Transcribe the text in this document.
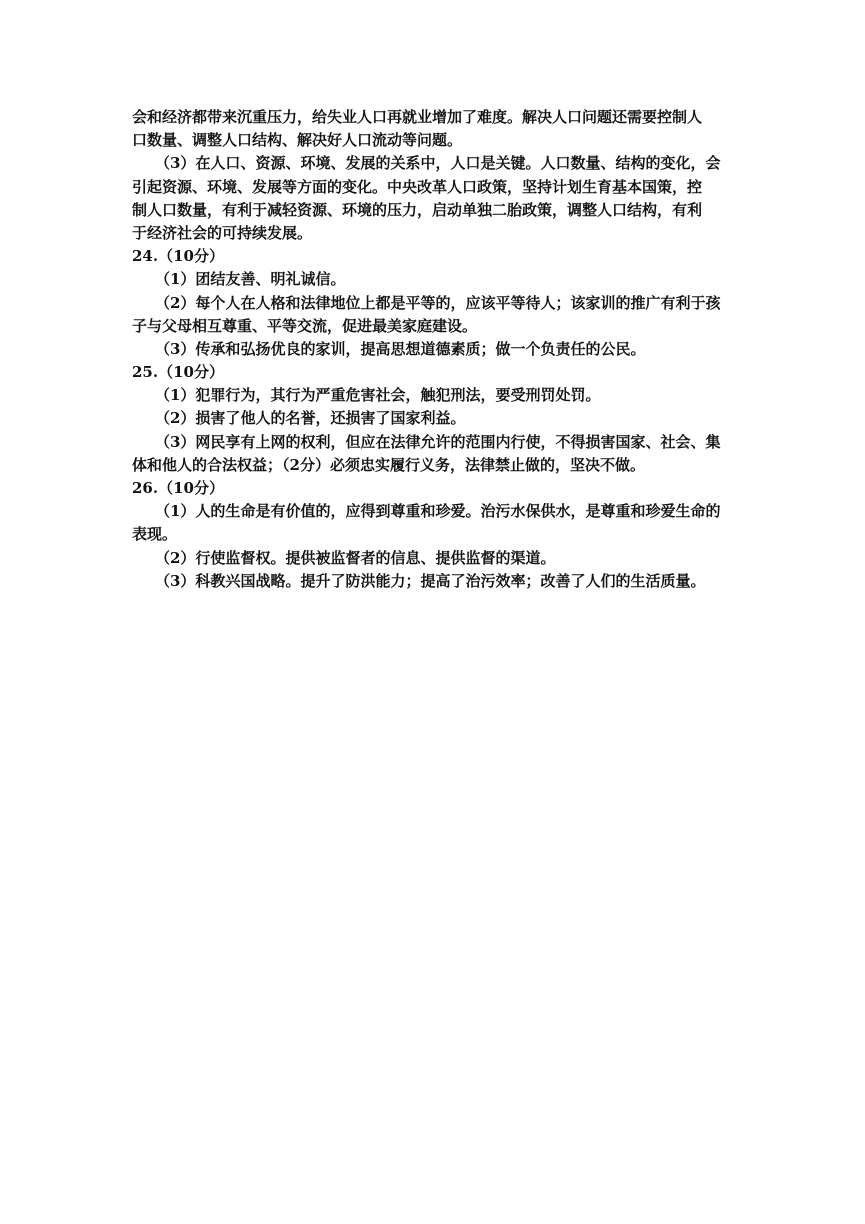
会和经济都带来沉重压力，给失业人口再就业增加了难度。解决人口问题还需要控制人
口数量、调整人口结构、解决好人口流动等问题。
（3）在人口、资源、环境、发展的关系中，人口是关键。人口数量、结构的变化，会
引起资源、环境、发展等方面的变化。中央改革人口政策，坚持计划生育基本国策，控
制人口数量，有利于减轻资源、环境的压力，启动单独二胎政策，调整人口结构，有利
于经济社会的可持续发展。
24.（10分）
（1）团结友善、明礼诚信。
（2）每个人在人格和法律地位上都是平等的，应该平等待人；该家训的推广有利于孩
子与父母相互尊重、平等交流，促进最美家庭建设。
（3）传承和弘扬优良的家训，提高思想道德素质；做一个负责任的公民。
25.（10分）
（1）犯罪行为，其行为严重危害社会，触犯刑法，要受刑罚处罚。
（2）损害了他人的名誉，还损害了国家利益。
（3）网民享有上网的权利，但应在法律允许的范围内行使，不得损害国家、社会、集
体和他人的合法权益；（2分）必须忠实履行义务，法律禁止做的，坚决不做。
26.（10分）
（1）人的生命是有价值的，应得到尊重和珍爱。治污水保供水，是尊重和珍爱生命的
表现。
（2）行使监督权。提供被监督者的信息、提供监督的渠道。
（3）科教兴国战略。提升了防洪能力；提高了治污效率；改善了人们的生活质量。
